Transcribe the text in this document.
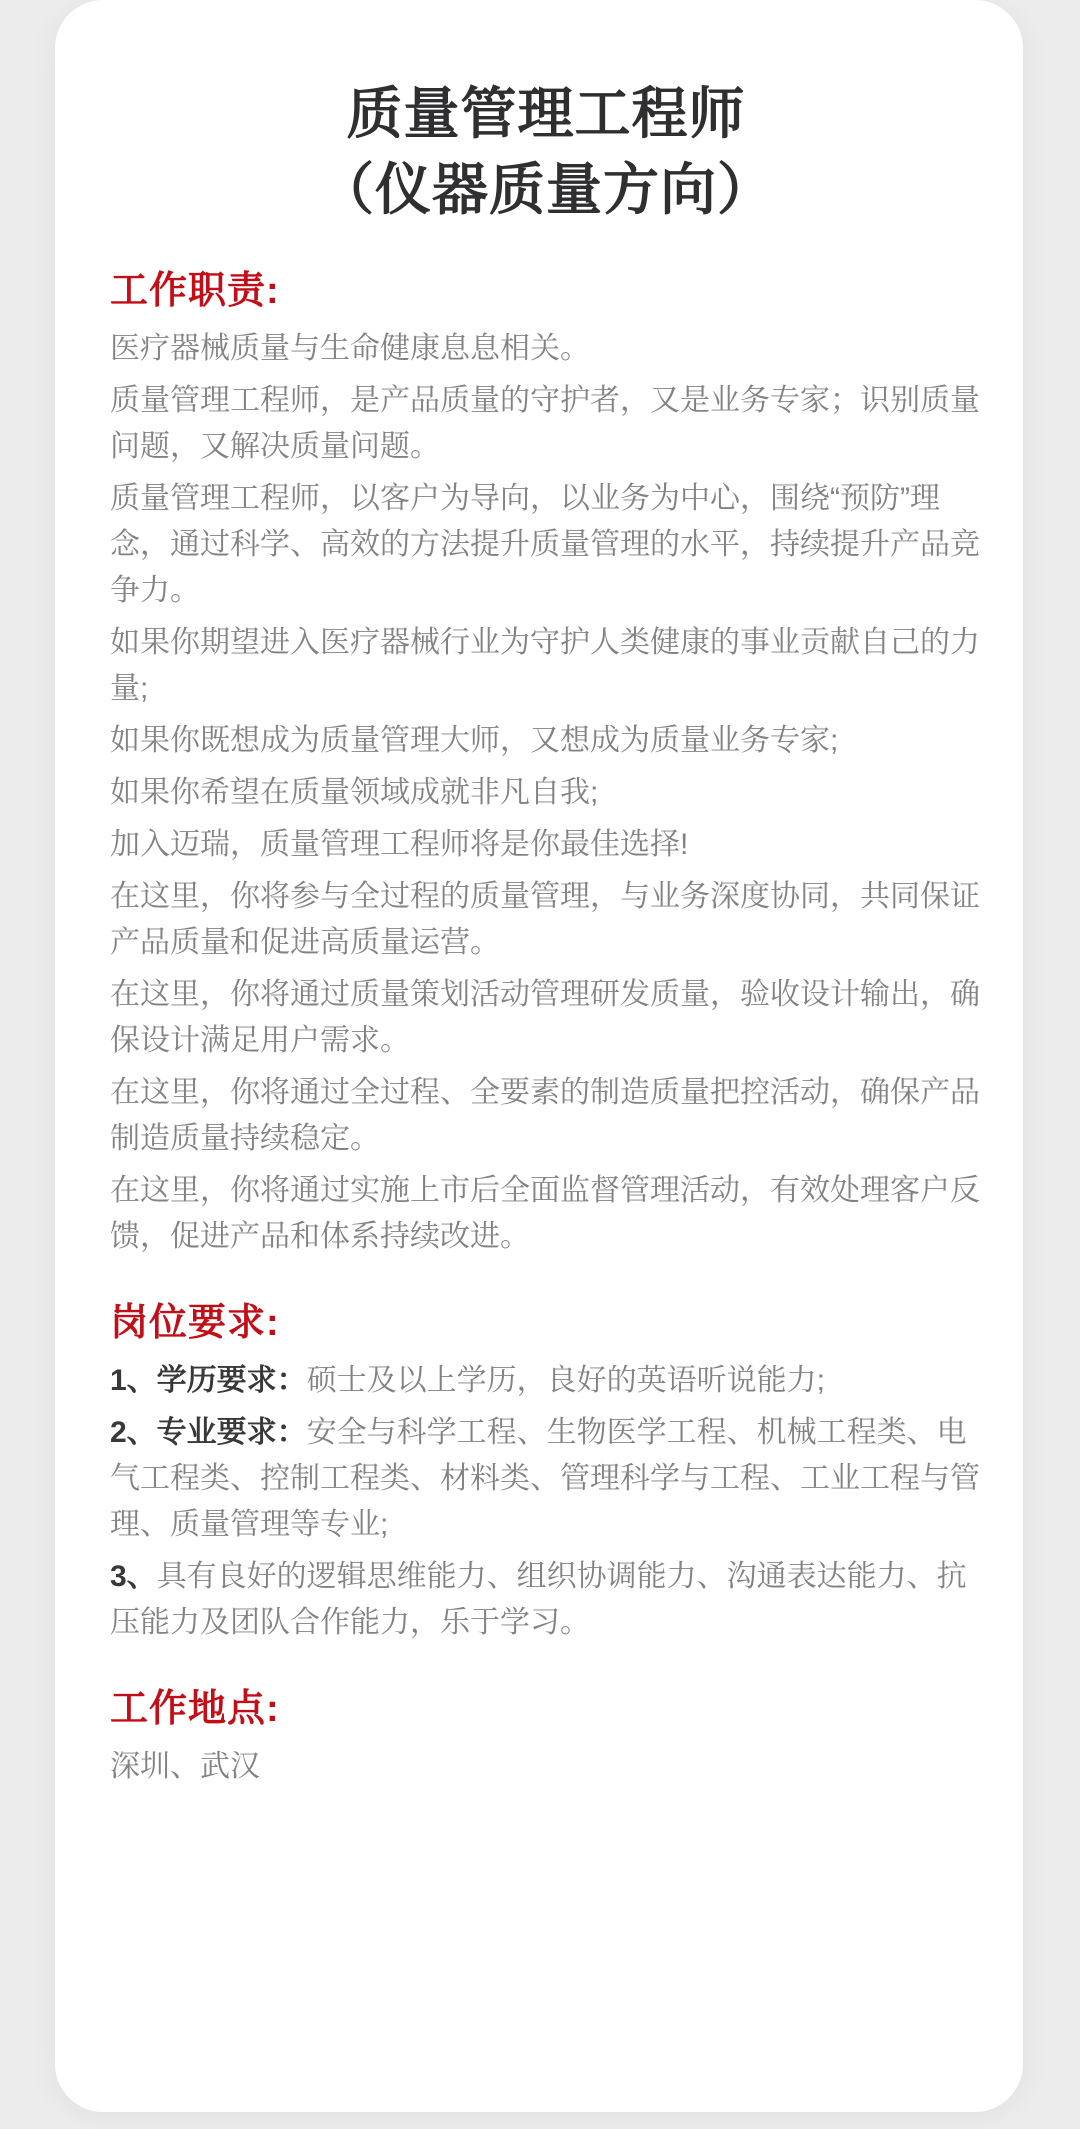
质量管理工程师
（仪器质量方向）
工作职责:

医疗器械质量与生命健康息息相关。

质量管理工程师，是产品质量的守护者，又是业务专家；识别质量问题，又解决质量问题。

质量管理工程师，以客户为导向，以业务为中心，围绕“预防”理念，通过科学、高效的方法提升质量管理的水平，持续提升产品竞争力。

如果你期望进入医疗器械行业为守护人类健康的事业贡献自己的力量;

如果你既想成为质量管理大师，又想成为质量业务专家;

如果你希望在质量领域成就非凡自我;

加入迈瑞，质量管理工程师将是你最佳选择!

在这里，你将参与全过程的质量管理，与业务深度协同，共同保证产品质量和促进高质量运营。

在这里，你将通过质量策划活动管理研发质量，验收设计输出，确保设计满足用户需求。

在这里，你将通过全过程、全要素的制造质量把控活动，确保产品制造质量持续稳定。

在这里，你将通过实施上市后全面监督管理活动，有效处理客户反馈，促进产品和体系持续改进。

岗位要求:

1、学历要求：硕士及以上学历，良好的英语听说能力;

2、专业要求：安全与科学工程、生物医学工程、机械工程类、电气工程类、控制工程类、材料类、管理科学与工程、工业工程与管理、质量管理等专业;

3、具有良好的逻辑思维能力、组织协调能力、沟通表达能力、抗压能力及团队合作能力，乐于学习。

工作地点:

深圳、武汉
